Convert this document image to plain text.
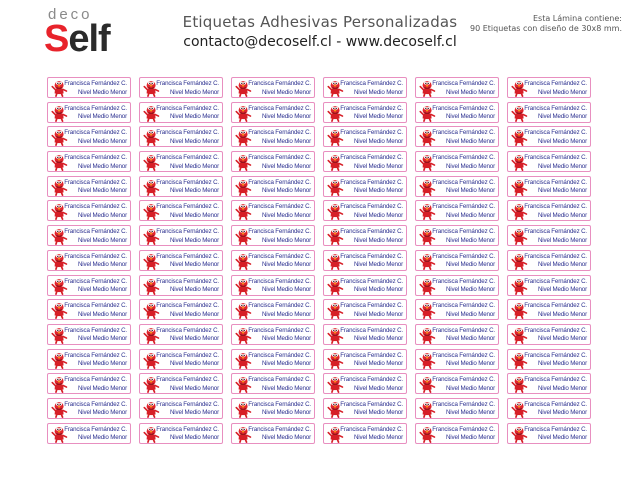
deco
Self	Etiquetas Adhesivas Personalizadas
contacto@decoself.cl - www.decoself.cl
Esta Lámina contiene:
90 Etiquetas con diseño de 30x8 mm.
Francisca Fernández C.
Nivel Medio Menor
Francisca Fernández C.
Nivel Medio Menor
Francisca Fernández C.
Nivel Medio Menor
Francisca Fernández C.
Nivel Medio Menor
Francisca Fernández C.
Nivel Medio Menor
Francisca Fernández C.
Nivel Medio Menor
Francisca Fernández C.
Nivel Medio Menor
Francisca Fernández C.
Nivel Medio Menor
Francisca Fernández C.
Nivel Medio Menor
Francisca Fernández C.
Nivel Medio Menor
Francisca Fernández C.
Nivel Medio Menor
Francisca Fernández C.
Nivel Medio Menor
Francisca Fernández C.
Nivel Medio Menor
Francisca Fernández C.
Nivel Medio Menor
Francisca Fernández C.
Nivel Medio Menor
Francisca Fernández C.
Nivel Medio Menor
Francisca Fernández C.
Nivel Medio Menor
Francisca Fernández C.
Nivel Medio Menor
Francisca Fernández C.
Nivel Medio Menor
Francisca Fernández C.
Nivel Medio Menor
Francisca Fernández C.
Nivel Medio Menor
Francisca Fernández C.
Nivel Medio Menor
Francisca Fernández C.
Nivel Medio Menor
Francisca Fernández C.
Nivel Medio Menor
Francisca Fernández C.
Nivel Medio Menor
Francisca Fernández C.
Nivel Medio Menor
Francisca Fernández C.
Nivel Medio Menor
Francisca Fernández C.
Nivel Medio Menor
Francisca Fernández C.
Nivel Medio Menor
Francisca Fernández C.
Nivel Medio Menor
Francisca Fernández C.
Nivel Medio Menor
Francisca Fernández C.
Nivel Medio Menor
Francisca Fernández C.
Nivel Medio Menor
Francisca Fernández C.
Nivel Medio Menor
Francisca Fernández C.
Nivel Medio Menor
Francisca Fernández C.
Nivel Medio Menor
Francisca Fernández C.
Nivel Medio Menor
Francisca Fernández C.
Nivel Medio Menor
Francisca Fernández C.
Nivel Medio Menor
Francisca Fernández C.
Nivel Medio Menor
Francisca Fernández C.
Nivel Medio Menor
Francisca Fernández C.
Nivel Medio Menor
Francisca Fernández C.
Nivel Medio Menor
Francisca Fernández C.
Nivel Medio Menor
Francisca Fernández C.
Nivel Medio Menor
Francisca Fernández C.
Nivel Medio Menor
Francisca Fernández C.
Nivel Medio Menor
Francisca Fernández C.
Nivel Medio Menor
Francisca Fernández C.
Nivel Medio Menor
Francisca Fernández C.
Nivel Medio Menor
Francisca Fernández C.
Nivel Medio Menor
Francisca Fernández C.
Nivel Medio Menor
Francisca Fernández C.
Nivel Medio Menor
Francisca Fernández C.
Nivel Medio Menor
Francisca Fernández C.
Nivel Medio Menor
Francisca Fernández C.
Nivel Medio Menor
Francisca Fernández C.
Nivel Medio Menor
Francisca Fernández C.
Nivel Medio Menor
Francisca Fernández C.
Nivel Medio Menor
Francisca Fernández C.
Nivel Medio Menor
Francisca Fernández C.
Nivel Medio Menor
Francisca Fernández C.
Nivel Medio Menor
Francisca Fernández C.
Nivel Medio Menor
Francisca Fernández C.
Nivel Medio Menor
Francisca Fernández C.
Nivel Medio Menor
Francisca Fernández C.
Nivel Medio Menor
Francisca Fernández C.
Nivel Medio Menor
Francisca Fernández C.
Nivel Medio Menor
Francisca Fernández C.
Nivel Medio Menor
Francisca Fernández C.
Nivel Medio Menor
Francisca Fernández C.
Nivel Medio Menor
Francisca Fernández C.
Nivel Medio Menor
Francisca Fernández C.
Nivel Medio Menor
Francisca Fernández C.
Nivel Medio Menor
Francisca Fernández C.
Nivel Medio Menor
Francisca Fernández C.
Nivel Medio Menor
Francisca Fernández C.
Nivel Medio Menor
Francisca Fernández C.
Nivel Medio Menor
Francisca Fernández C.
Nivel Medio Menor
Francisca Fernández C.
Nivel Medio Menor
Francisca Fernández C.
Nivel Medio Menor
Francisca Fernández C.
Nivel Medio Menor
Francisca Fernández C.
Nivel Medio Menor
Francisca Fernández C.
Nivel Medio Menor
Francisca Fernández C.
Nivel Medio Menor
Francisca Fernández C.
Nivel Medio Menor
Francisca Fernández C.
Nivel Medio Menor
Francisca Fernández C.
Nivel Medio Menor
Francisca Fernández C.
Nivel Medio Menor
Francisca Fernández C.
Nivel Medio Menor
